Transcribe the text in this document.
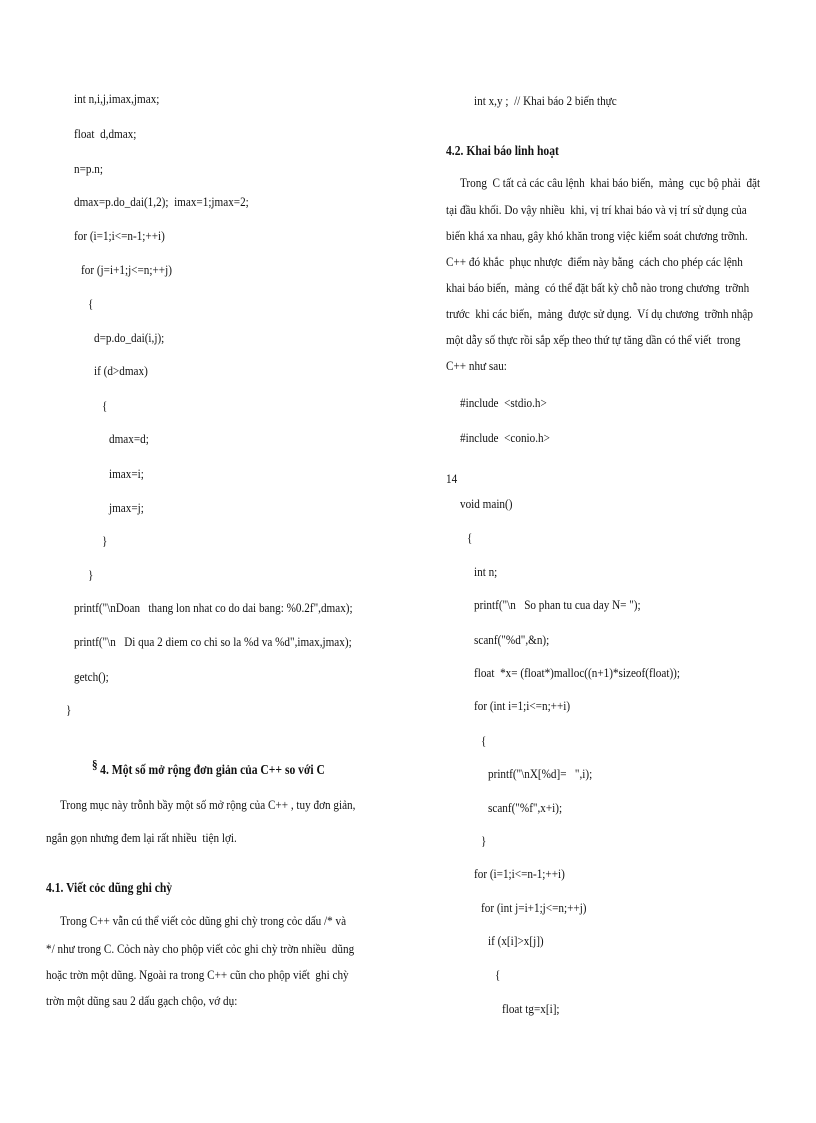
int n,i,j,imax,jmax;
float  d,dmax;
n=p.n;
dmax=p.do_dai(1,2);  imax=1;jmax=2;
for (i=1;i<=n-1;++i)
for (j=i+1;j<=n;++j)
{
d=p.do_dai(i,j);
if (d>dmax)
{
dmax=d;
imax=i;
jmax=j;
}
}
printf("\nDoan   thang lon nhat co do dai bang: %0.2f",dmax);
printf("\n   Di qua 2 diem co chi so la %d va %d",imax,jmax);
getch();
}
§ 4. Một số mở rộng đơn giản của C++ so với C
Trong mục này trỗnh bầy một số mở rộng của C++ , tuy đơn giản,
ngắn gọn nhưng đem lại rất nhiều  tiện lợi.
4.1. Viết cỏc dũng ghi chỳ
Trong C++ vẫn cú thể viết cỏc dũng ghi chỳ trong cỏc dấu /* và
*/ như trong C. Cỏch này cho phộp viết cỏc ghi chỳ trờn nhiều  dũng
hoặc trờn một dũng. Ngoài ra trong C++ cũn cho phộp viết  ghi chỳ
trờn một dũng sau 2 dấu gạch chộo, vớ dụ:
int x,y ;  // Khai báo 2 biến thực
4.2. Khai báo linh hoạt
Trong  C tất cả các câu lệnh  khai báo biến,  mảng  cục bộ phải  đặt
tại đầu khối. Do vậy nhiều  khi, vị trí khai báo và vị trí sử dụng của
biến khá xa nhau, gây khó khăn trong việc kiểm soát chương trỡnh.
C++ đó khắc  phục nhược  điểm này bằng  cách cho phép các lệnh
khai báo biến,  mảng  có thể đặt bất kỳ chỗ nào trong chương  trỡnh
trước  khi các biến,  mảng  được sử dụng.  Ví dụ chương  trỡnh nhập
một dẫy số thực rồi sắp xếp theo thứ tự tăng dần có thể viết  trong
C++ như sau:
#include  <stdio.h>
#include  <conio.h>
14
void main()
{
int n;
printf("\n   So phan tu cua day N= ");
scanf("%d",&n);
float  *x= (float*)malloc((n+1)*sizeof(float));
for (int i=1;i<=n;++i)
{
printf("\nX[%d]=   ",i);
scanf("%f",x+i);
}
for (i=1;i<=n-1;++i)
for (int j=i+1;j<=n;++j)
if (x[i]>x[j])
{
float tg=x[i];
